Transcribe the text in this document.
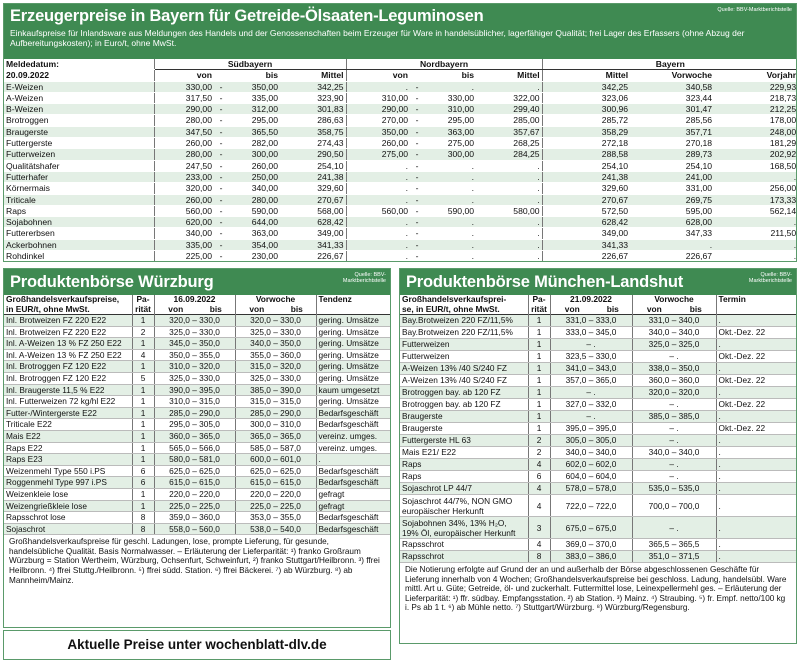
Erzeugerpreise in Bayern für Getreide-Ölsaaten-Leguminosen	Quelle: BBV-Marktberichtstelle
Einkaufspreise für Inlandsware aus Meldungen des Handels und der Genossenschaften beim Erzeuger für Ware in handelsüblicher, lagerfähiger Qualität; frei Lager des Erfassers (ohne Abzug der Aufbereitungskosten); in Euro/t, ohne MwSt.
Meldedatum:	Südbayern				Nordbayern				Bayern		
20.09.2022	von		bis	Mittel	von		bis	Mittel	Mittel	Vorwoche	Vorjahr
E-Weizen	330,00	-	350,00	342,25	.	-	.	.	342,25	340,58	229,93
A-Weizen	317,50	-	335,00	323,90	310,00	-	330,00	322,00	323,06	323,44	218,73
B-Weizen	290,00	-	312,00	301,83	290,00	-	310,00	299,40	300,96	301,47	212,25
Brotroggen	280,00	-	295,00	286,63	270,00	-	295,00	285,00	285,72	285,56	178,00
Braugerste	347,50	-	365,50	358,75	350,00	-	363,00	357,67	358,29	357,71	248,00
Futtergerste	260,00	-	282,00	274,43	260,00	-	275,00	268,25	272,18	270,18	181,29
Futterweizen	280,00	-	300,00	290,50	275,00	-	300,00	284,25	288,58	289,73	202,92
Qualitätshafer	247,50	-	260,00	254,10	.	-	.	.	254,10	254,10	168,50
Futterhafer	233,00	-	250,00	241,38	.	-	.	.	241,38	241,00	.
Körnermais	320,00	-	340,00	329,60	.	-	.	.	329,60	331,00	256,00
Triticale	260,00	-	280,00	270,67	.	-	.	.	270,67	269,75	173,33
Raps	560,00	-	590,00	568,00	560,00	-	590,00	580,00	572,50	595,00	562,14
Sojabohnen	620,00	-	644,00	628,42	.	-	.	.	628,42	628,00	.
Futtererbsen	340,00	-	363,00	349,00	.	-	.	.	349,00	347,33	211,50
Ackerbohnen	335,00	-	354,00	341,33	.	-	.	.	341,33	.	.
Rohdinkel	225,00	-	230,00	226,67	.	-	.	.	226,67	226,67	.
Produktenbörse Würzburg	Quelle: BBV-Marktberichtstelle
Großhandelsverkaufspreise,	Pa-	16.09.2022		Vorwoche		Tendenz
in EUR/t, ohne MwSt.	rität	von	bis	von	bis	
Inl. Brotweizen FZ 220 E22	1	320,0 – 330,0		320,0 – 330,0		gering. Umsätze
Inl. Brotweizen FZ 220 E22	2	325,0 – 330,0		325,0 – 330,0		gering. Umsätze
Inl. A-Weizen 13 % FZ 250 E22	1	345,0 – 350,0		340,0 – 350,0		gering. Umsätze
Inl. A-Weizen 13 % FZ 250 E22	4	350,0 – 355,0		355,0 – 360,0		gering. Umsätze
Inl. Brotroggen FZ 120 E22	1	310,0 – 320,0		315,0 – 320,0		gering. Umsätze
Inl. Brotroggen FZ 120 E22	5	325,0 – 330,0		325,0 – 330,0		gering. Umsätze
Inl. Braugerste 11,5 % E22	1	390,0 – 395,0		385,0 – 390,0		kaum umgesetzt
Inl. Futterweizen 72 kg/hl E22	1	310,0 – 315,0		315,0 – 315,0		gering. Umsätze
Futter-/Wintergerste E22	1	285,0 – 290,0		285,0 – 290,0		Bedarfsgeschäft
Triticale E22	1	295,0 – 305,0		300,0 – 310,0		Bedarfsgeschäft
Mais E22	1	360,0 – 365,0		365,0 – 365,0		vereinz. umges.
Raps E22	1	565,0 – 566,0		585,0 – 587,0		vereinz. umges.
Raps E23	1	580,0 – 581,0		600,0 – 601,0		.
Weizenmehl Type 550 i.PS	6	625,0 – 625,0		625,0 – 625,0		Bedarfsgeschäft
Roggenmehl Type 997 i.PS	6	615,0 – 615,0		615,0 – 615,0		Bedarfsgeschäft
Weizenkleie lose	1	220,0 – 220,0		220,0 – 220,0		gefragt
Weizengrießkleie lose	1	225,0 – 225,0		225,0 – 225,0		gefragt
Rapsschrot lose	8	359,0 – 360,0		353,0 – 355,0		Bedarfsgeschäft
Sojaschrot	8	558,0 – 560,0		538,0 – 540,0		Bedarfsgeschäft
Großhandelsverkaufspreise für geschl. Ladungen, lose, prompte Lieferung, für gesunde, handelsübliche Qualität. Basis Normalwasser. – Erläuterung der Lieferparität: ¹) franko Großraum Würzburg = Station Wertheim, Würzburg, Ochsenfurt, Schweinfurt, ²) franko Stuttgart/Heilbronn. ³) ffrei Heilbronn. ⁴) ffrei Stuttg./Heilbronn. ⁵) ffrei südd. Station. ⁶) ffrei Bäckerei. ⁷) ab Würzburg. ⁸) ab Mannheim/Mainz.
Aktuelle Preise unter wochenblatt-dlv.de
Produktenbörse München-Landshut	Quelle: BBV-Marktberichtstelle
Großhandelsverkaufsprei-	Pa-	21.09.2022		Vorwoche		Termin
se, in EUR/t, ohne MwSt.	rität	von	bis	von	bis	
Bay.Brotweizen 220 FZ/11,5%	1	331,0 – 333,0		331,0 – 340,0		.
Bay.Brotweizen 220 FZ/11,5%	1	333,0 – 345,0		340,0 – 340,0		Okt.-Dez. 22
Futterweizen	1	– .		325,0 – 325,0		.
Futterweizen	1	323,5 – 330,0		– .		Okt.-Dez. 22
A-Weizen 13% /40 S/240 FZ	1	341,0 – 343,0		338,0 – 350,0		.
A-Weizen 13% /40 S/240 FZ	1	357,0 – 365,0		360,0 – 360,0		Okt.-Dez. 22
Brotroggen bay. ab 120 FZ	1	– .		320,0 – 320,0		.
Brotroggen bay. ab 120 FZ	1	327,0 – 332,0		– .		Okt.-Dez. 22
Braugerste	1	– .		385,0 – 385,0		.
Braugerste	1	395,0 – 395,0		– .		Okt.-Dez. 22
Futtergerste HL 63	2	305,0 – 305,0		– .		.
Mais E21/ E22	2	340,0 – 340,0		340,0 – 340,0		.
Raps	4	602,0 – 602,0		– .		.
Raps	6	604,0 – 604,0		– .		.
Sojaschrot LP 44/7	4	578,0 – 578,0		535,0 – 535,0		.
Sojaschrot 44/7%, NON GMO europäischer Herkunft	4	722,0 – 722,0		700,0 – 700,0		.
Sojabohnen 34%, 13% H₂O, 19% Öl, europäischer Herkunft	3	675,0 – 675,0		– .		.
Rapsschrot	4	369,0 – 370,0		365,5 – 365,5		.
Rapsschrot	8	383,0 – 386,0		351,0 – 371,5		.
Die Notierung erfolgte auf Grund der an und außerhalb der Börse abgeschlossenen Geschäfte für Lieferung innerhalb von 4 Wochen; Großhandelsverkaufspreise bei geschloss. Ladung, handelsübl. Ware mittl. Art u. Güte; Getreide, öl- und zuckerhalt. Futtermittel lose, Leinexpellermehl ges. – Erläuterung der Lieferparität: ¹) ffr. südbay. Empfangsstation. ²) ab Station. ³) Mainz. ⁴) Straubing. ⁵) fr. Empf. netto/100 kg i. Ps ab 1 t. ⁶) ab Mühle netto. ⁷) Stuttgart/Würzburg. ⁸) Würzburg/Regensburg.
